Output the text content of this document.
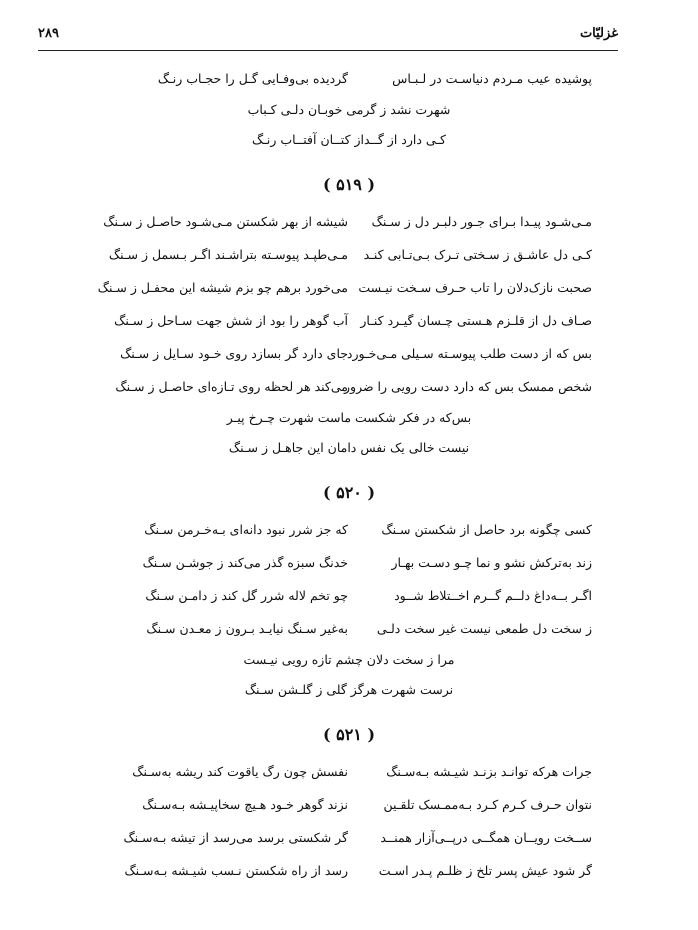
غزلیّات
۲۸۹
پوشیده عیب مـردم دنیاسـت در لـبـاس
گردیده بی‌وفـایی گـل را حجـاب رنـگ
شهرت نشد ز گرمی خوبـان دلـی کـباب
کـی دارد از گــداز کتــان آفتــاب رنـگ
( ۵۱۹ )
مـی‌شـود پیـدا بـرای جـور دلبـر دل ز سـنگ
شیشه از بهر شکستن مـی‌شـود حاصـل ز سـنگ
کـی دل عاشـق ز سـختی تـرک بـی‌تـابی کنـد
مـی‌طپـد پیوسـته بتراشـند اگـر بـسمل ز سـنگ
صحبت نازک‌دلان را تاب حـرف سـخت نیـست
می‌خورد برهم چو بزم شیشه این محفـل ز سـنگ
صـاف دل از قلـزم هـستی چـسان گیـرد کنـار
آب گوهر را بود از شش جهت سـاحل ز سـنگ
بس که از دست طلب پیوسـته سـیلی مـی‌خـورد
جای دارد گر بسازد روی خـود سـایل ز سـنگ
شخص ممسک بس که دارد دست رویی را ضرور
می‌کند هر لحظه روی تـازه‌ای حاصـل ز سـنگ
بس‌که در فکر شکست ماست شهرت چـرخ پیـر
نیست خالی یک نفس دامان این جاهـل ز سـنگ
( ۵۲۰ )
کسی چگونه برد حاصل از شکستن سـنگ
که جز شرر نبود دانه‌ای بـه‌خـرمن سـنگ
زند به‌ترکش نشو و نما چـو دسـت بهـار
خدنگ سبزه گذر می‌کند ز جوشـن سـنگ
اگـر بــه‌داغ دلــم گــرم اخــتلاط شــود
چو تخم لاله شرر گل کند ز دامـن سـنگ
ز سخت دل طمعی نیست غیر سخت دلـی
به‌غیر سـنگ نیایـد بـرون ز معـدن سـنگ
مرا ز سخت دلان چشم تازه رویی نیـست
نرست شهرت هرگز گلی ز گلـشن سـنگ
( ۵۲۱ )
جرات هرکه توانـد بزنـد شیـشه بـه‌سـنگ
نفسش چون رگ یاقوت کند ریشه به‌سـنگ
نتوان حـرف کـرم کـرد بـه‌ممـسک تلقـین
نزند گوهر خـود هـیچ سخاپیـشه بـه‌سـنگ
ســخت رویــان همگــی درپــی‌آزار همنــد
گر شکستی برسد می‌رسد از تیشه بـه‌سـنگ
گر شود عیش پسر تلخ ز ظلـم پـدر اسـت
رسد از راه شکستن نـسب شیـشه بـه‌سـنگ
